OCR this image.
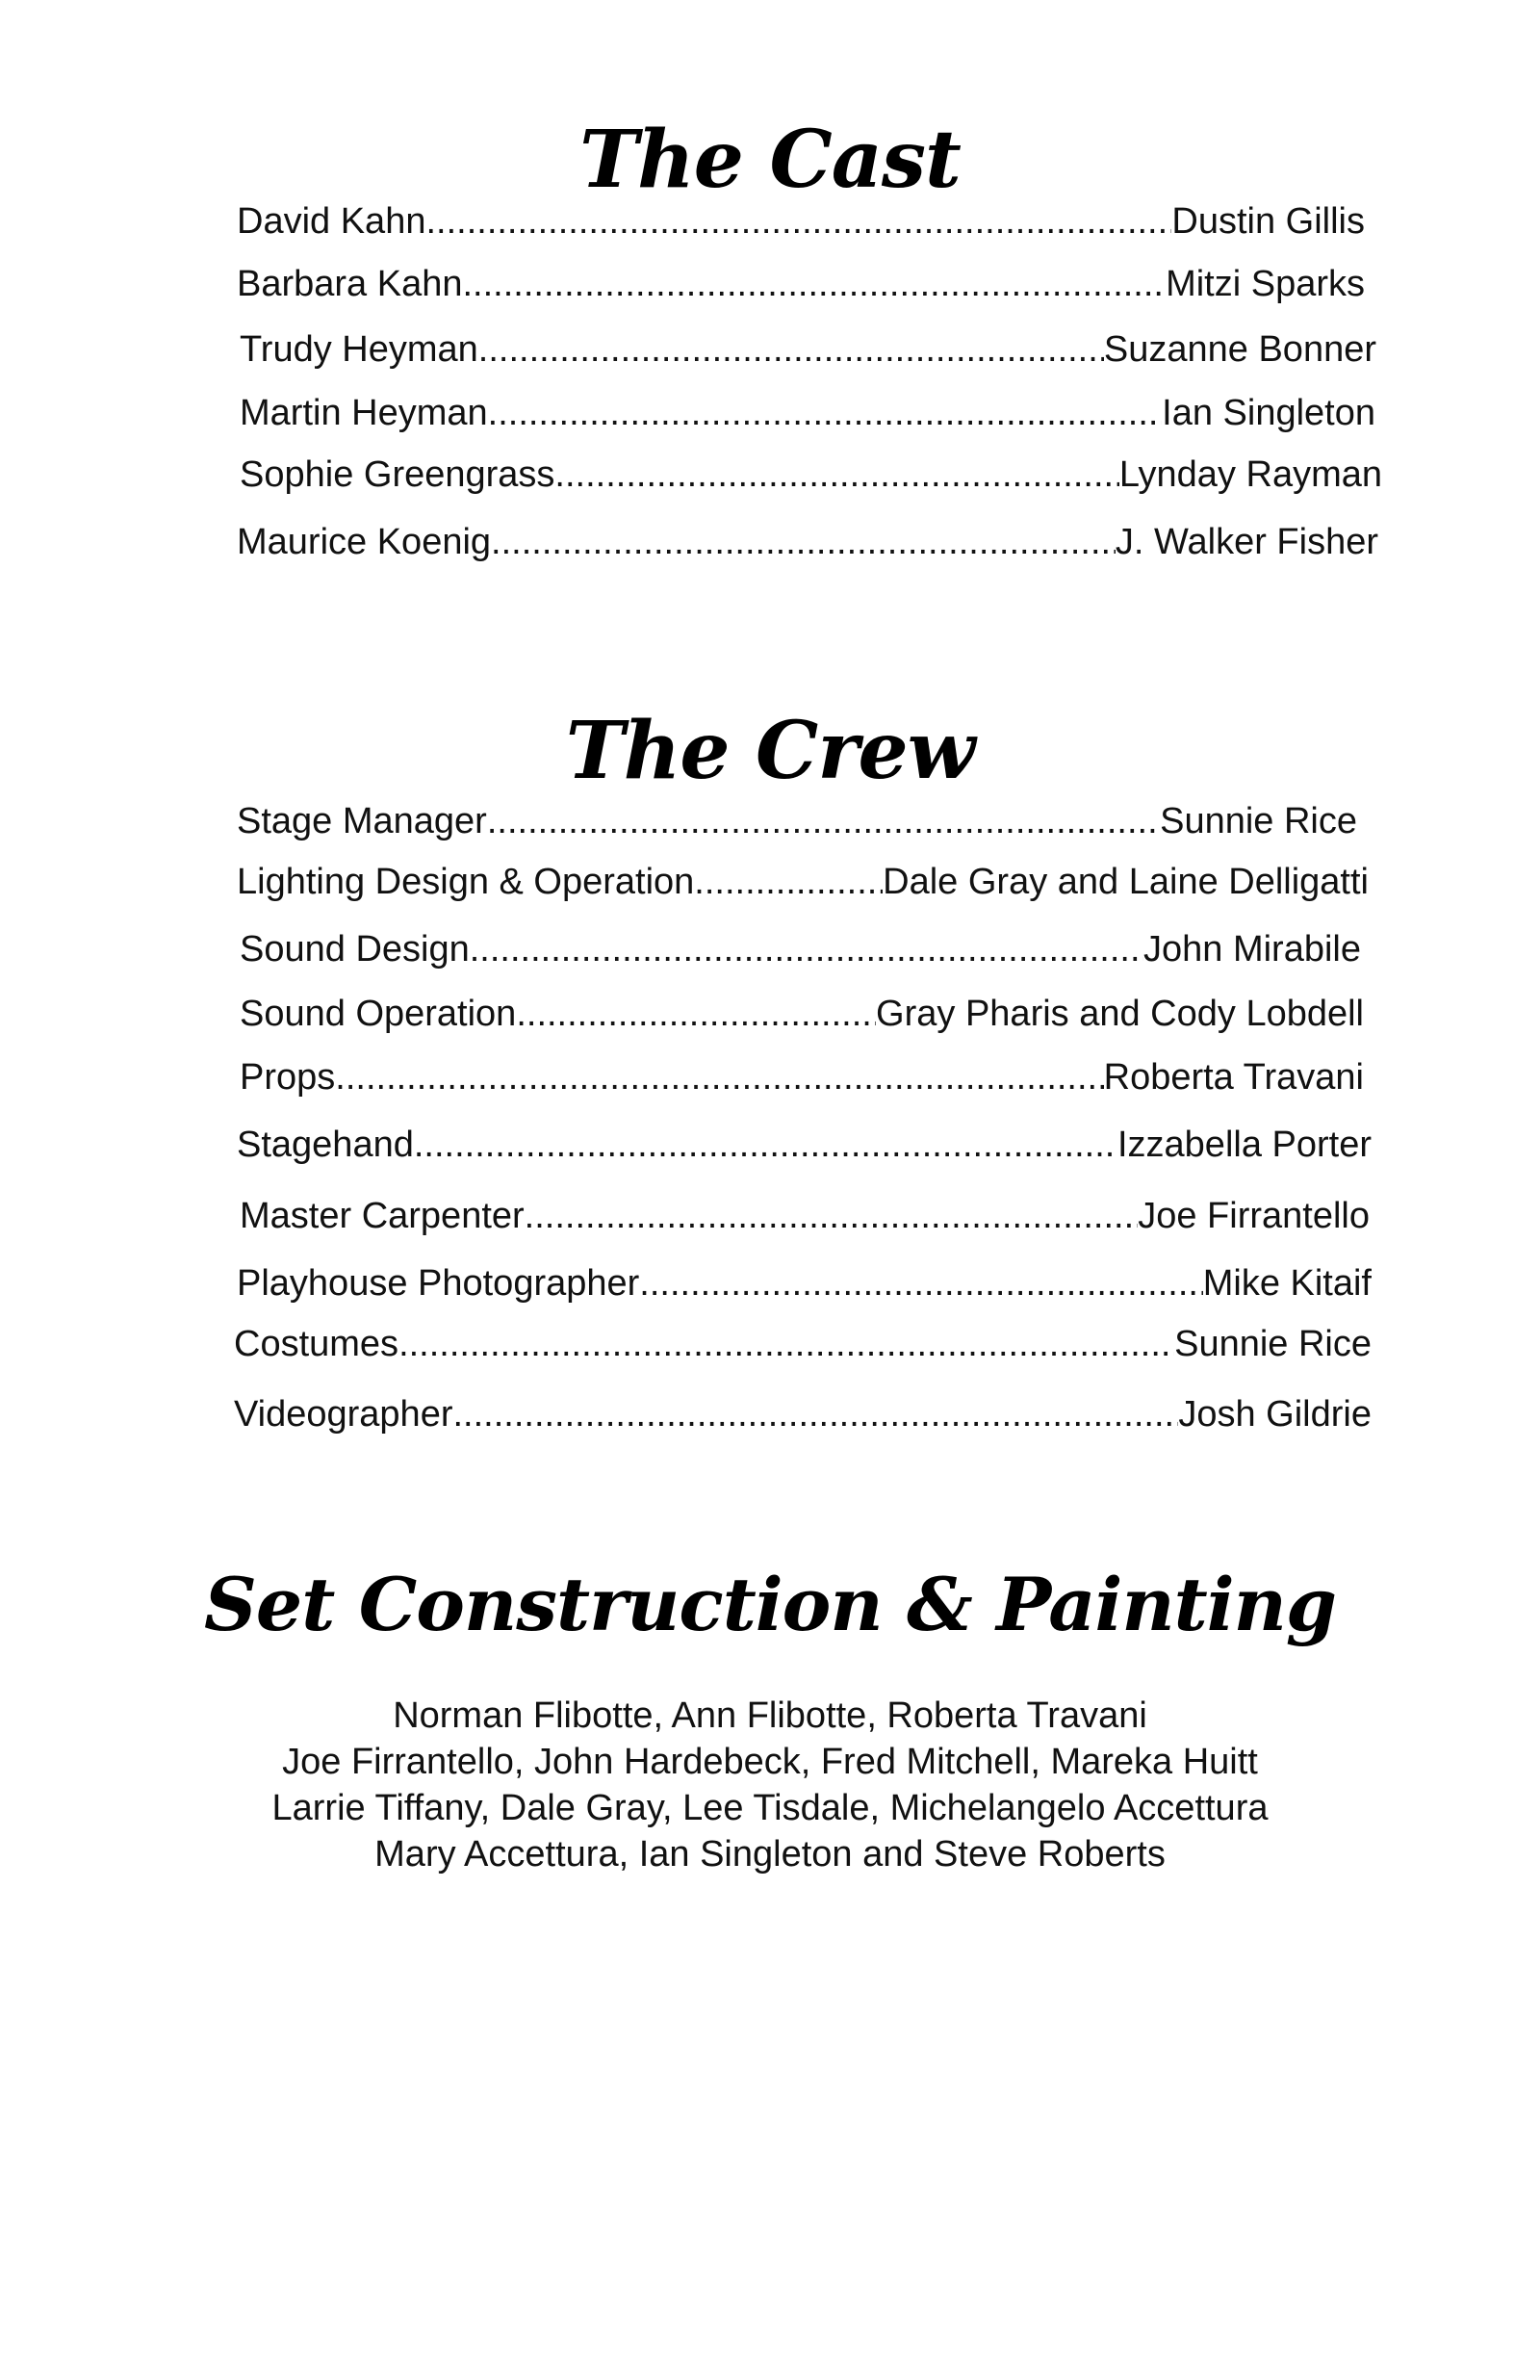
The Cast
David Kahn .....	Dustin Gillis
Barbara Kahn .....	Mitzi Sparks
Trudy Heyman .....	Suzanne Bonner
Martin Heyman .....	Ian Singleton
Sophie Greengrass .....	Lynday Rayman
Maurice Koenig .....	J. Walker Fisher
The Crew
Stage Manager .....	Sunnie Rice
Lighting Design & Operation .....	Dale Gray and Laine Delligatti
Sound Design .....	John Mirabile
Sound Operation .....	Gray Pharis and Cody Lobdell
Props .....	Roberta Travani
Stagehand .....	Izzabella Porter
Master Carpenter .....	Joe Firrantello
Playhouse Photographer .....	Mike Kitaif
Costumes .....	Sunnie Rice
Videographer .....	Josh Gildrie
Set Construction & Painting
Norman Flibotte, Ann Flibotte, Roberta Travani
Joe Firrantello, John Hardebeck, Fred Mitchell, Mareka Huitt
Larrie Tiffany, Dale Gray, Lee Tisdale, Michelangelo Accettura
Mary Accettura, Ian Singleton and Steve Roberts
